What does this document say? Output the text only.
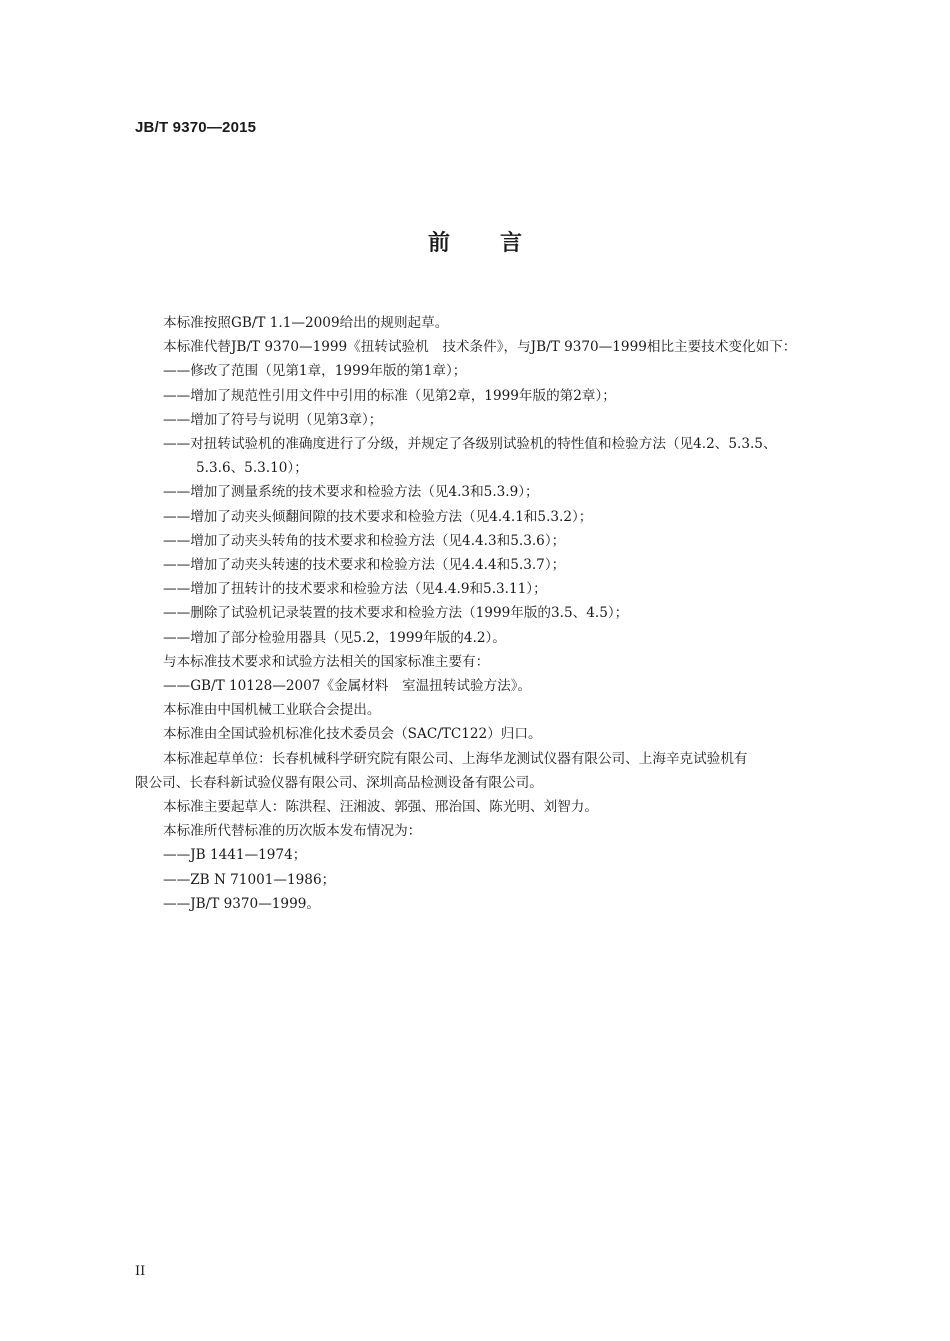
JB/T 9370—2015
前言
本标准按照GB/T 1.1—2009给出的规则起草。
本标准代替JB/T 9370—1999《扭转试验机　技术条件》，与JB/T 9370—1999相比主要技术变化如下：
——修改了范围（见第1章，1999年版的第1章）；
——增加了规范性引用文件中引用的标准（见第2章，1999年版的第2章）；
——增加了符号与说明（见第3章）；
——对扭转试验机的准确度进行了分级，并规定了各级别试验机的特性值和检验方法（见4.2、5.3.5、
5.3.6、5.3.10）；
——增加了测量系统的技术要求和检验方法（见4.3和5.3.9）；
——增加了动夹头倾翻间隙的技术要求和检验方法（见4.4.1和5.3.2）；
——增加了动夹头转角的技术要求和检验方法（见4.4.3和5.3.6）；
——增加了动夹头转速的技术要求和检验方法（见4.4.4和5.3.7）；
——增加了扭转计的技术要求和检验方法（见4.4.9和5.3.11）；
——删除了试验机记录装置的技术要求和检验方法（1999年版的3.5、4.5）；
——增加了部分检验用器具（见5.2，1999年版的4.2）。
与本标准技术要求和试验方法相关的国家标准主要有：
——GB/T 10128—2007《金属材料　室温扭转试验方法》。
本标准由中国机械工业联合会提出。
本标准由全国试验机标准化技术委员会（SAC/TC122）归口。
本标准起草单位：长春机械科学研究院有限公司、上海华龙测试仪器有限公司、上海辛克试验机有
限公司、长春科新试验仪器有限公司、深圳高品检测设备有限公司。
本标准主要起草人：陈洪程、汪湘波、郭强、邢治国、陈光明、刘智力。
本标准所代替标准的历次版本发布情况为：
——JB 1441—1974；
——ZB N 71001—1986；
——JB/T 9370—1999。
II
